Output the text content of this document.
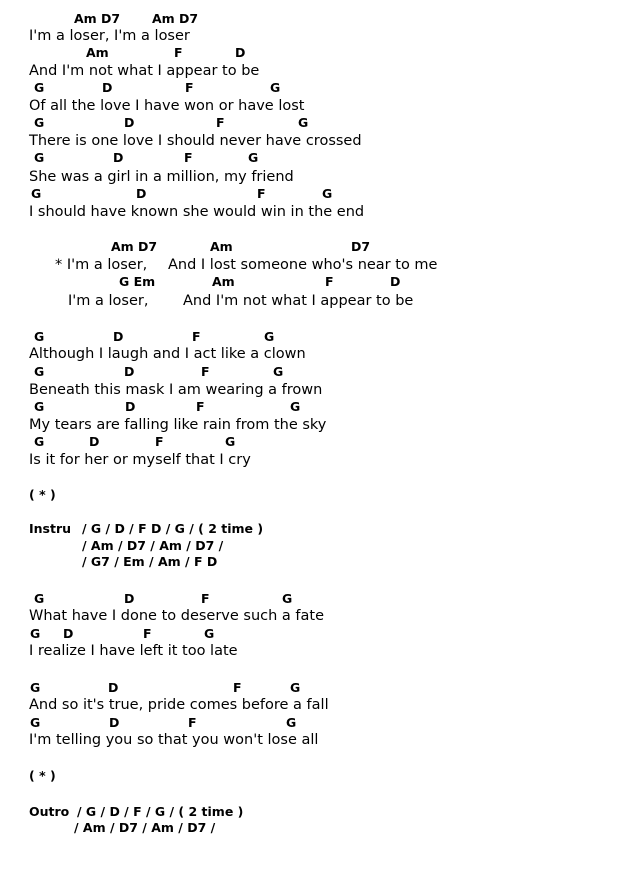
Am D7	Am D7
I'm a loser, I'm a loser
Am	F	D
And I'm not what I appear to be
G	D	F	G
Of all the love I have won or have lost
G	D	F	G
There is one love I should never have crossed
G	D	F	G
She was a girl in a million, my friend
G	D	F	G
I should have known she would win in the end
Am D7	Am	D7
* I'm a loser, And I lost someone who's near to me
G Em	Am	F	D
I'm a loser, And I'm not what I appear to be
G	D	F	G
Although I laugh and I act like a clown
G	D	F	G
Beneath this mask I am wearing a frown
G	D	F	G
My tears are falling like rain from the sky
G	D	F	G
Is it for her or myself that I cry
( * )
Instru / G / D / F D / G / ( 2 time )
/ Am / D7 / Am / D7 /
/ G7 / Em / Am / F D
G	D	F	G
What have I done to deserve such a fate
G D	F	G
I realize I have left it too late
G	D	F	G
And so it's true, pride comes before a fall
G	D	F	G
I'm telling you so that you won't lose all
( * )
Outro / G / D / F / G / ( 2 time )
/ Am / D7 / Am / D7 /
